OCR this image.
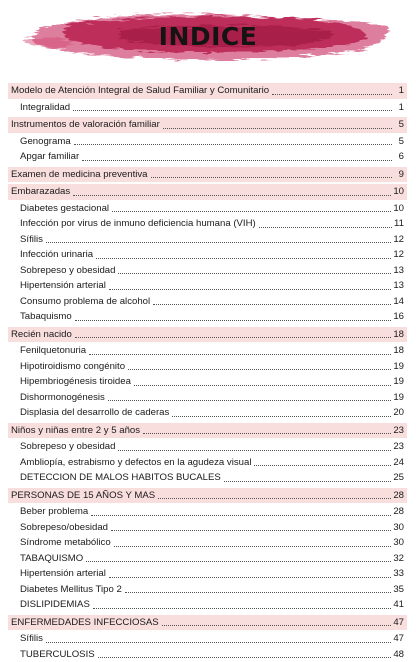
INDICE
Modelo de Atención Integral de Salud Familiar y Comunitario	1
Integralidad	1
Instrumentos de valoración familiar	5
Genograma	5
Apgar familiar	6
Examen de medicina preventiva	9
Embarazadas	10
Diabetes gestacional	10
Infección por virus de inmuno deficiencia humana (VIH)	11
Sífilis	12
Infección urinaria	12
Sobrepeso y obesidad	13
Hipertensión arterial	13
Consumo problema de alcohol	14
Tabaquismo	16
Recién nacido	18
Fenilquetonuria	18
Hipotiroidismo congénito	19
Hipembriogénesis tiroidea	19
Dishormonogénesis	19
Displasia del desarrollo de caderas	20
Niños y niñas entre 2 y 5 años	23
Sobrepeso y obesidad	23
Ambliopía, estrabismo y defectos en la agudeza visual	24
DETECCION DE MALOS HABITOS BUCALES	25
PERSONAS DE 15 AÑOS Y MAS	28
Beber problema	28
Sobrepeso/obesidad	30
Síndrome metabólico	30
TABAQUISMO	32
Hipertensión arterial	33
Diabetes Mellitus Tipo 2	35
DISLIPIDEMIAS	41
ENFERMEDADES INFECCIOSAS	47
Sífilis	47
TUBERCULOSIS	48
